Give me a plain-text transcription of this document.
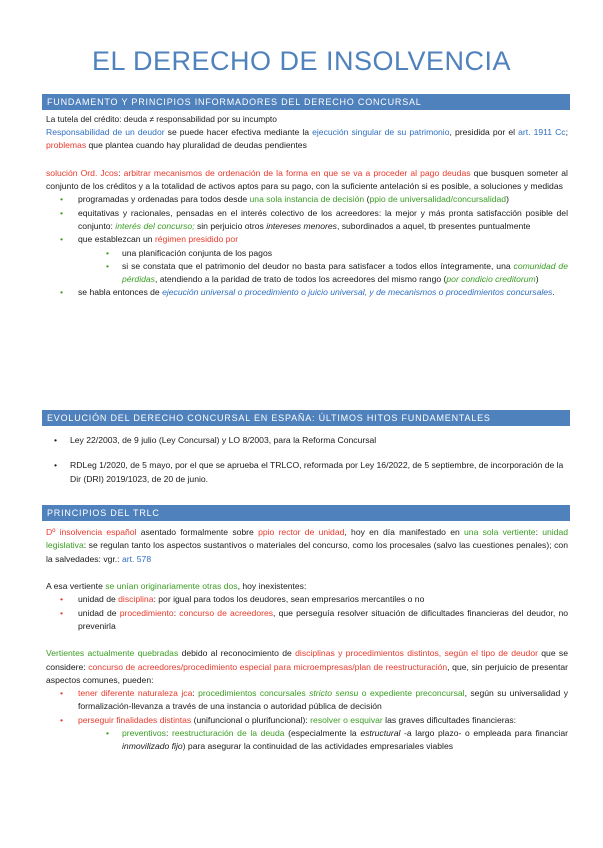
EL DERECHO DE INSOLVENCIA
FUNDAMENTO Y PRINCIPIOS INFORMADORES DEL DERECHO CONCURSAL
La tutela del crédito: deuda ≠ responsabilidad por su incumpto
Responsabilidad de un deudor se puede hacer efectiva mediante la ejecución singular de su patrimonio, presidida por el art. 1911 Cc; problemas que plantea cuando hay pluralidad de deudas pendientes
solución Ord. Jcos: arbitrar mecanismos de ordenación de la forma en que se va a proceder al pago deudas que busquen someter al conjunto de los créditos y a la totalidad de activos aptos para su pago, con la suficiente antelación si es posible, a soluciones y medidas
• programadas y ordenadas para todos desde una sola instancia de decisión (ppio de universalidad/concursalidad)
• equitativas y racionales, pensadas en el interés colectivo de los acreedores: la mejor y más pronta satisfacción posible del conjunto: interés del concurso; sin perjuicio otros intereses menores, subordinados a aquel, tb presentes puntualmente
• que establezcan un régimen presidido por
• una planificación conjunta de los pagos
• si se constata que el patrimonio del deudor no basta para satisfacer a todos ellos íntegramente, una comunidad de pérdidas, atendiendo a la paridad de trato de todos los acreedores del mismo rango (por condicio creditorum)
• se habla entonces de ejecución universal o procedimiento o juicio universal, y de mecanismos o procedimientos concursales.
EVOLUCIÓN DEL DERECHO CONCURSAL EN ESPAÑA: ÚLTIMOS HITOS FUNDAMENTALES
• Ley 22/2003, de 9 julio (Ley Concursal) y LO 8/2003, para la Reforma Concursal
• RDLeg 1/2020, de 5 mayo, por el que se aprueba el TRLCO, reformada por Ley 16/2022, de 5 septiembre, de incorporación de la Dir (DRI) 2019/1023, de 20 de junio.
PRINCIPIOS DEL TRLC
Dº insolvencia español asentado formalmente sobre ppio rector de unidad, hoy en día manifestado en una sola vertiente: unidad legislativa: se regulan tanto los aspectos sustantivos o materiales del concurso, como los procesales (salvo las cuestiones penales); con la salvedades: vgr.: art. 578
A esa vertiente se unían originariamente otras dos, hoy inexistentes:
• unidad de disciplina: por igual para todos los deudores, sean empresarios mercantiles o no
• unidad de procedimiento: concurso de acreedores, que perseguía resolver situación de dificultades financieras del deudor, no prevenirla
Vertientes actualmente quebradas debido al reconocimiento de disciplinas y procedimientos distintos, según el tipo de deudor que se considere: concurso de acreedores/procedimiento especial para microempresas/plan de reestructuración, que, sin perjuicio de presentar aspectos comunes, pueden:
• tener diferente naturaleza jca: procedimientos concursales stricto sensu o expediente preconcursal, según su universalidad y formalización-llevanza a través de una instancia o autoridad pública de decisión
• perseguir finalidades distintas (unifuncional o plurifuncional): resolver o esquivar las graves dificultades financieras:
• preventivos: reestructuración de la deuda (especialmente la estructural -a largo plazo- o empleada para financiar inmovilizado fijo) para asegurar la continuidad de las actividades empresariales viables
